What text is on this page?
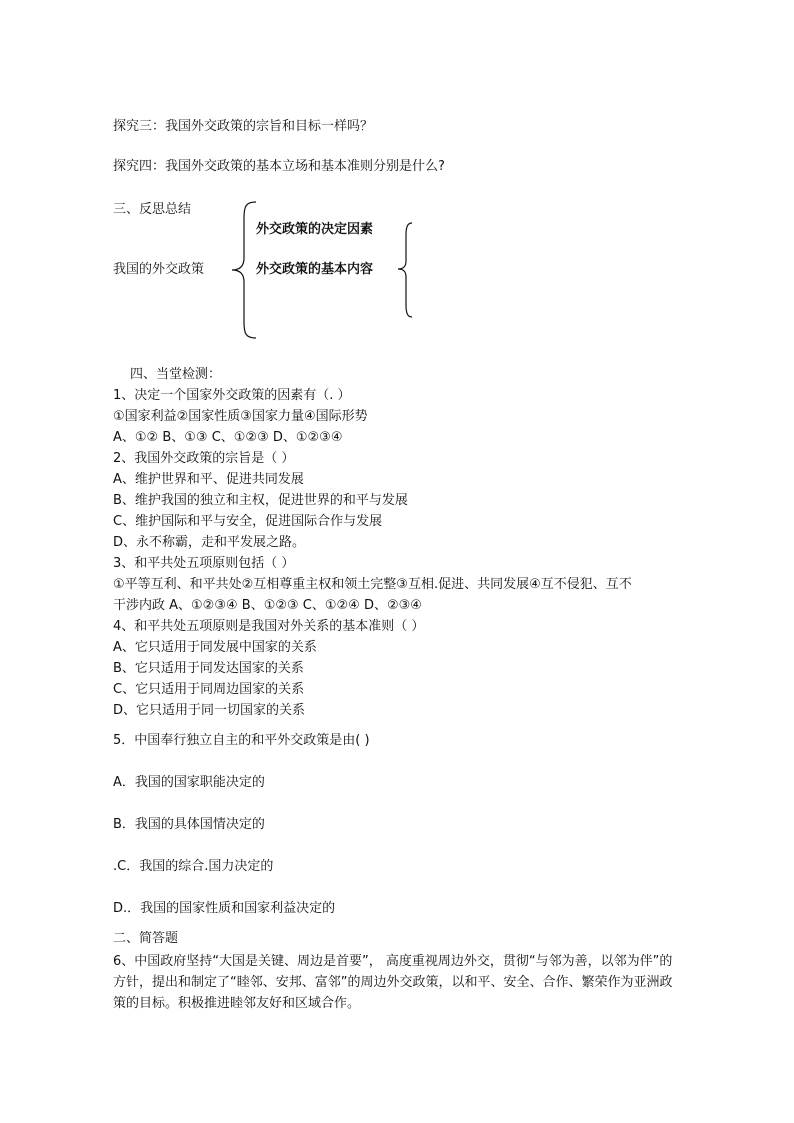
探究三：我国外交政策的宗旨和目标一样吗？
探究四：我国外交政策的基本立场和基本准则分别是什么?
三、反思总结
我国的外交政策
外交政策的决定因素
外交政策的基本内容
四、当堂检测：
1、决定一个国家外交政策的因素有（. ）
①国家利益②国家性质③国家力量④国际形势
A、①② B、①③ C、①②③ D、①②③④
2、我国外交政策的宗旨是（ ）
A、维护世界和平、促进共同发展
B、维护我国的独立和主权，促进世界的和平与发展
C、维护国际和平与安全，促进国际合作与发展
D、永不称霸，走和平发展之路。
3、和平共处五项原则包括（ ）
①平等互利、和平共处②互相尊重主权和领土完整③互相.促进、共同发展④互不侵犯、互不
干涉内政 A、①②③④ B、①②③ C、①②④ D、②③④
4、和平共处五项原则是我国对外关系的基本准则（ ）
A、它只适用于同发展中国家的关系
B、它只适用于同发达国家的关系
C、它只适用于同周边国家的关系
D、它只适用于同一切国家的关系
5．中国奉行独立自主的和平外交政策是由( )
A．我国的国家职能决定的
B．我国的具体国情决定的
.C．我国的综合.国力决定的
D.．我国的国家性质和国家利益决定的
二、简答题
6、中国政府坚持“大国是关键、周边是首要”， 高度重视周边外交，贯彻“与邻为善，以邻为伴”的方针，提出和制定了“睦邻、安邦、富邻”的周边外交政策，以和平、安全、合作、繁荣作为亚洲政策的目标。积极推进睦邻友好和区域合作。
